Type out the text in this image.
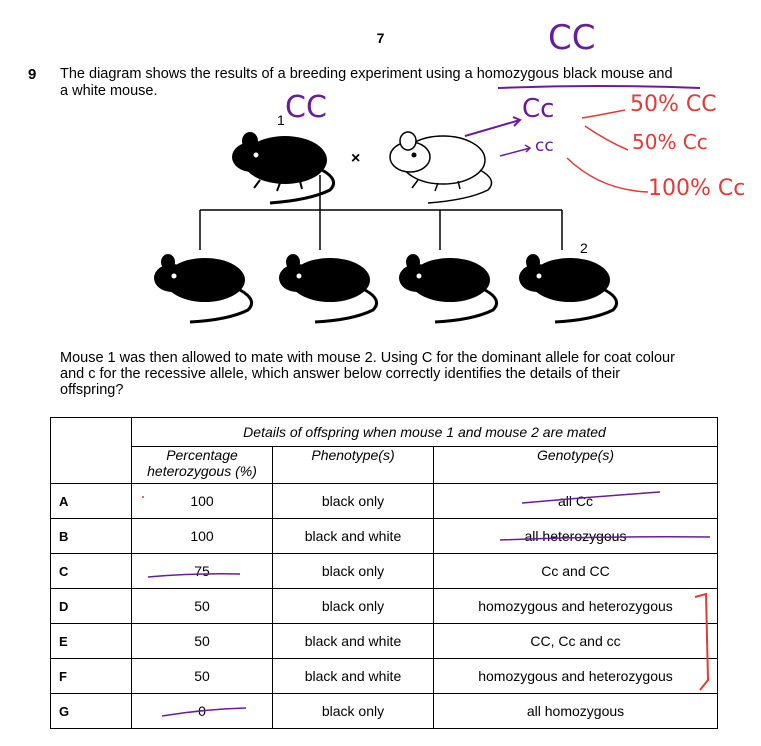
7	CC
9 The diagram shows the results of a breeding experiment using a homozygous black mouse and
a white mouse.	CC	Cc
cc
50% CC
50% Cc
100% Cc
1
×
2
Mouse 1 was then allowed to mate with mouse 2. Using C for the dominant allele for coat colour
and c for the recessive allele, which answer below correctly identifies the details of their
offspring?
	Details of offspring when mouse 1 and mouse 2 are mated		

	Percentage
heterozygous (%)	Phenotype(s)	Genotype(s)
A	100	black only	all Cc
B	100	black and white	all heterozygous
C	75	black only	Cc and CC
D	50	black only	homozygous and heterozygous
E	50	black and white	CC, Cc and cc
F	50	black and white	homozygous and heterozygous
G	0	black only	all homozygous
